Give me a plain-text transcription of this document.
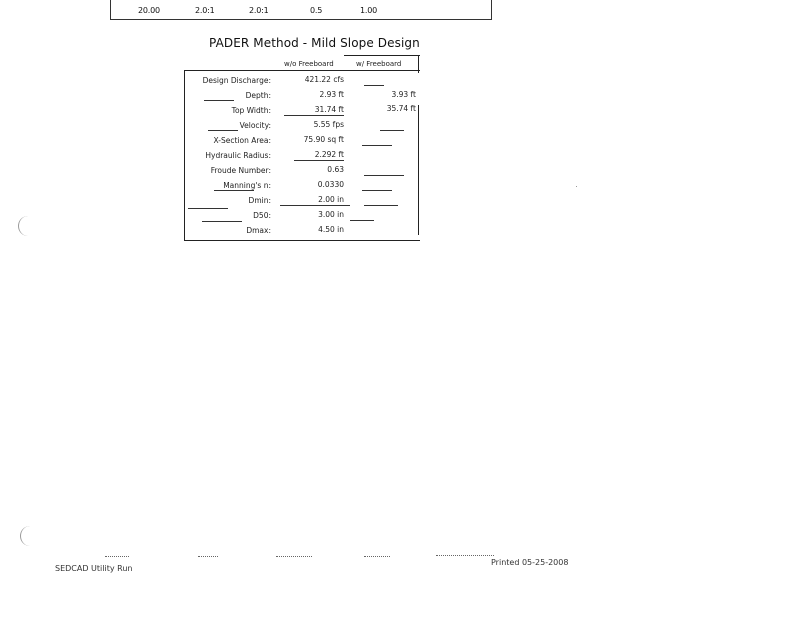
20.00	2.0:1	2.0:1	0.5	1.00
PADER Method - Mild Slope Design
w/o Freeboard	w/ Freeboard
Design Discharge:	421.22 cfs
Depth:	2.93 ft	3.93 ft
Top Width:	31.74 ft	35.74 ft
Velocity:	5.55 fps
X-Section Area:	75.90 sq ft
Hydraulic Radius:	2.292 ft
Froude Number:	0.63
Manning's n:	0.0330
Dmin:	2.00 in
D50:	3.00 in
Dmax:	4.50 in
SEDCAD Utility Run
Printed 05-25-2008
